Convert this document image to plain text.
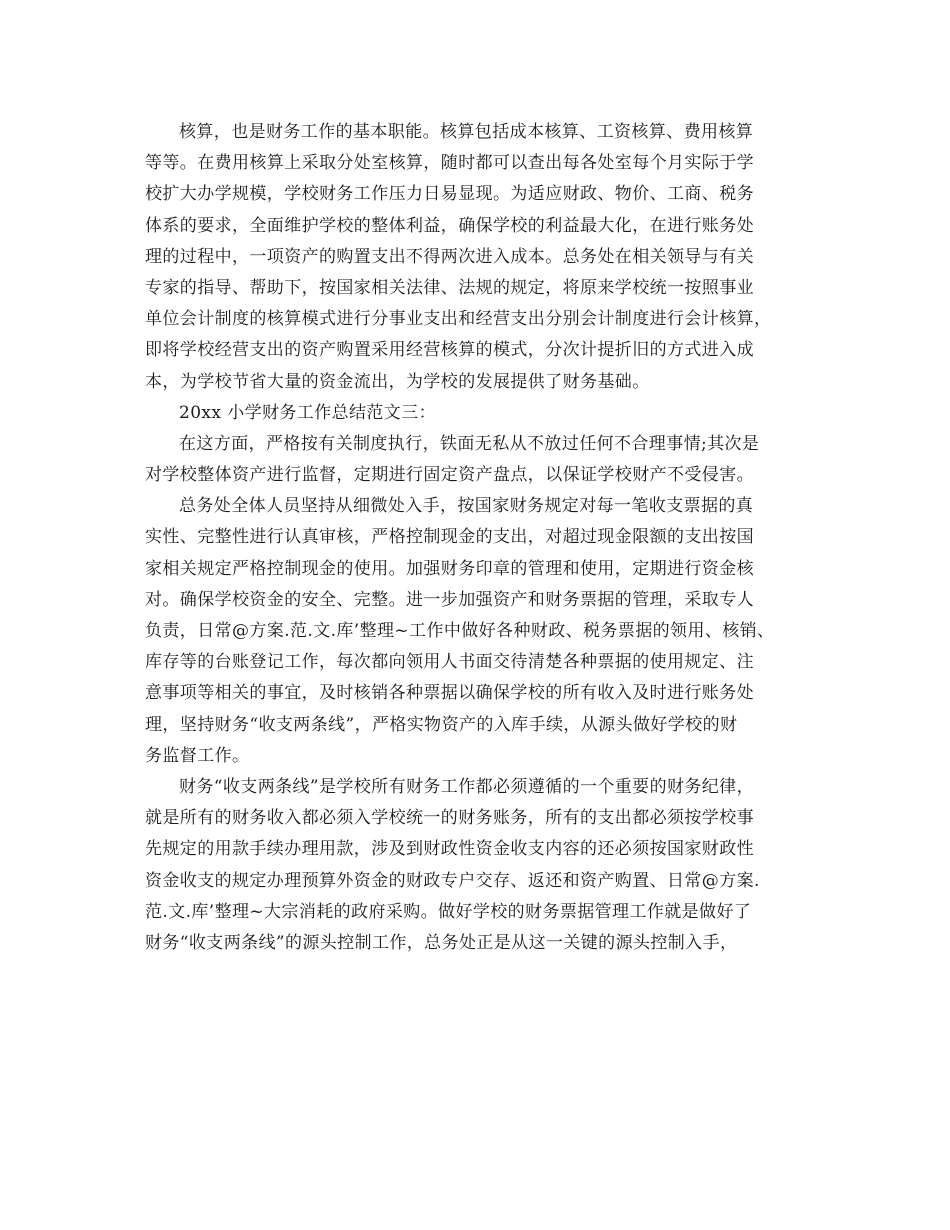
核算，也是财务工作的基本职能。核算包括成本核算、工资核算、费用核算
等等。在费用核算上采取分处室核算，随时都可以查出每各处室每个月实际于学
校扩大办学规模，学校财务工作压力日易显现。为适应财政、物价、工商、税务
体系的要求，全面维护学校的整体利益，确保学校的利益最大化，在进行账务处
理的过程中，一项资产的购置支出不得两次进入成本。总务处在相关领导与有关
专家的指导、帮助下，按国家相关法律、法规的规定，将原来学校统一按照事业
单位会计制度的核算模式进行分事业支出和经营支出分别会计制度进行会计核算，
即将学校经营支出的资产购置采用经营核算的模式，分次计提折旧的方式进入成
本，为学校节省大量的资金流出，为学校的发展提供了财务基础。
20xx 小学财务工作总结范文三：
在这方面，严格按有关制度执行，铁面无私从不放过任何不合理事情;其次是
对学校整体资产进行监督，定期进行固定资产盘点，以保证学校财产不受侵害。
总务处全体人员坚持从细微处入手，按国家财务规定对每一笔收支票据的真
实性、完整性进行认真审核，严格控制现金的支出，对超过现金限额的支出按国
家相关规定严格控制现金的使用。加强财务印章的管理和使用，定期进行资金核
对。确保学校资金的安全、完整。进一步加强资产和财务票据的管理，采取专人
负责，日常@方案.范.文.库’整理~工作中做好各种财政、税务票据的领用、核销、
库存等的台账登记工作，每次都向领用人书面交待清楚各种票据的使用规定、注
意事项等相关的事宜，及时核销各种票据以确保学校的所有收入及时进行账务处
理，坚持财务“收支两条线”，严格实物资产的入库手续，从源头做好学校的财
务监督工作。
财务“收支两条线”是学校所有财务工作都必须遵循的一个重要的财务纪律，
就是所有的财务收入都必须入学校统一的财务账务，所有的支出都必须按学校事
先规定的用款手续办理用款，涉及到财政性资金收支内容的还必须按国家财政性
资金收支的规定办理预算外资金的财政专户交存、返还和资产购置、日常@方案.
范.文.库’整理~大宗消耗的政府采购。做好学校的财务票据管理工作就是做好了
财务“收支两条线”的源头控制工作，总务处正是从这一关键的源头控制入手，
